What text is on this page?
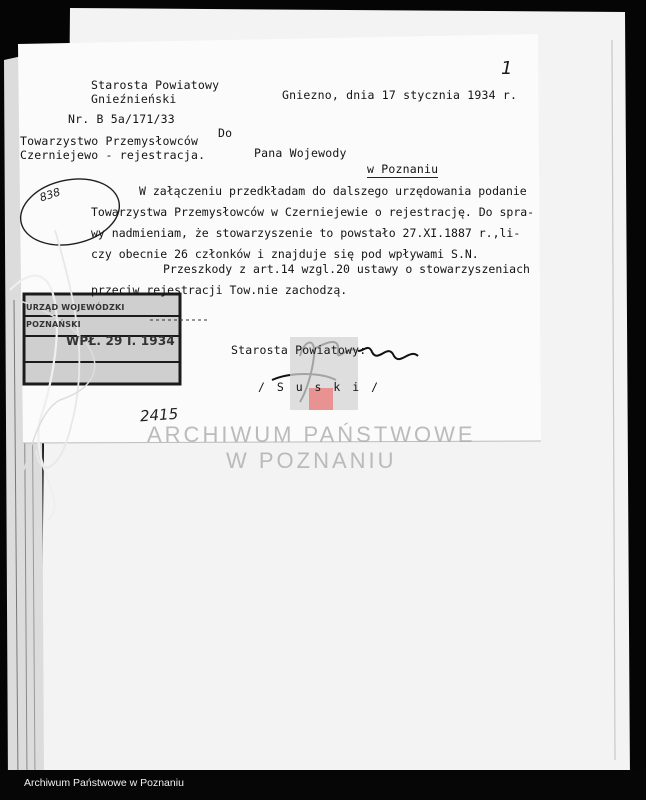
Starosta Powiatowy
Gnieźnieński	Gniezno, dnia 17 stycznia 1934 r.
Nr. B 5a/171/33
1
Towarzystwo Przemysłowców
Czerniejewo - rejestracja.
Do
Pana Wojewody
w Poznaniu
W załączeniu przedkładam do dalszego urzędowania podanie
Towarzystwa Przemysłowców w Czerniejewie o rejestrację. Do spra-
wy nadmieniam, że stowarzyszenie to powstało 27.XI.1887 r.,li-
czy obecnie 26 członków i znajduje się pod wpływami S.N.
Przeszkody z art.14 wzgl.20 ustawy o stowarzyszeniach
przeciw rejestracji Tow.nie zachodzą.
Starosta Powiatowy:
/ S u s k i /
URZĄD WOJEWÓDZKI POZNAŃSKI
WPŁ. 29 I. 1934
838
2415
ARCHIWUM PAŃSTWOWE
W POZNANIU
Archiwum Państwowe w Poznaniu
